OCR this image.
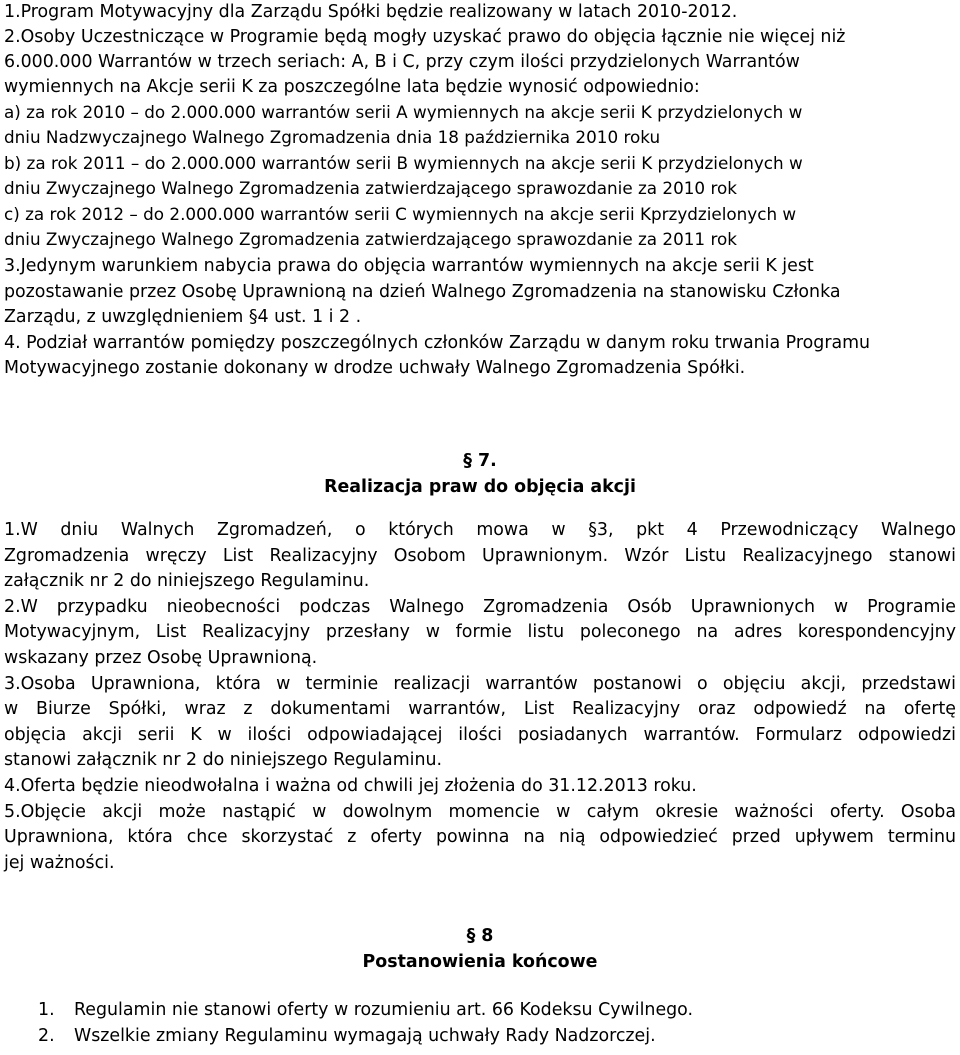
1.Program Motywacyjny dla Zarządu Spółki będzie realizowany w latach 2010-2012.
2.Osoby Uczestniczące w Programie będą mogły uzyskać prawo do objęcia łącznie nie więcej niż
6.000.000 Warrantów w trzech seriach: A, B i C, przy czym ilości przydzielonych Warrantów
wymiennych na Akcje serii K za poszczególne lata będzie wynosić odpowiednio:
a) za rok 2010 – do 2.000.000 warrantów serii A wymiennych na akcje serii K przydzielonych w
dniu Nadzwyczajnego Walnego Zgromadzenia dnia 18 października 2010 roku
b) za rok 2011 – do 2.000.000 warrantów serii B wymiennych na akcje serii K przydzielonych w
dniu Zwyczajnego Walnego Zgromadzenia zatwierdzającego sprawozdanie za 2010 rok
c) za rok 2012 – do 2.000.000 warrantów serii C wymiennych na akcje serii Kprzydzielonych w
dniu Zwyczajnego Walnego Zgromadzenia zatwierdzającego sprawozdanie za 2011 rok
3.Jedynym warunkiem nabycia prawa do objęcia warrantów wymiennych na akcje serii K jest
pozostawanie przez Osobę Uprawnioną na dzień Walnego Zgromadzenia na stanowisku Członka
Zarządu, z uwzględnieniem §4 ust. 1 i 2 .
4. Podział warrantów pomiędzy poszczególnych członków Zarządu w danym roku trwania Programu
Motywacyjnego zostanie dokonany w drodze uchwały Walnego Zgromadzenia Spółki.
§ 7.
Realizacja praw do objęcia akcji
1.W dniu Walnych Zgromadzeń, o których mowa w §3, pkt 4 Przewodniczący Walnego
Zgromadzenia wręczy List Realizacyjny Osobom Uprawnionym. Wzór Listu Realizacyjnego stanowi
załącznik nr 2 do niniejszego Regulaminu.
2.W przypadku nieobecności podczas Walnego Zgromadzenia Osób Uprawnionych w Programie
Motywacyjnym, List Realizacyjny przesłany w formie listu poleconego na adres korespondencyjny
wskazany przez Osobę Uprawnioną.
3.Osoba Uprawniona, która w terminie realizacji warrantów postanowi o objęciu akcji, przedstawi
w Biurze Spółki, wraz z dokumentami warrantów, List Realizacyjny oraz odpowiedź na ofertę
objęcia akcji serii K w ilości odpowiadającej ilości posiadanych warrantów. Formularz odpowiedzi
stanowi załącznik nr 2 do niniejszego Regulaminu.
4.Oferta będzie nieodwołalna i ważna od chwili jej złożenia do 31.12.2013 roku.
5.Objęcie akcji może nastąpić w dowolnym momencie w całym okresie ważności oferty. Osoba
Uprawniona, która chce skorzystać z oferty powinna na nią odpowiedzieć przed upływem terminu
jej ważności.
§ 8
Postanowienia końcowe
1. Regulamin nie stanowi oferty w rozumieniu art. 66 Kodeksu Cywilnego.
2. Wszelkie zmiany Regulaminu wymagają uchwały Rady Nadzorczej.
